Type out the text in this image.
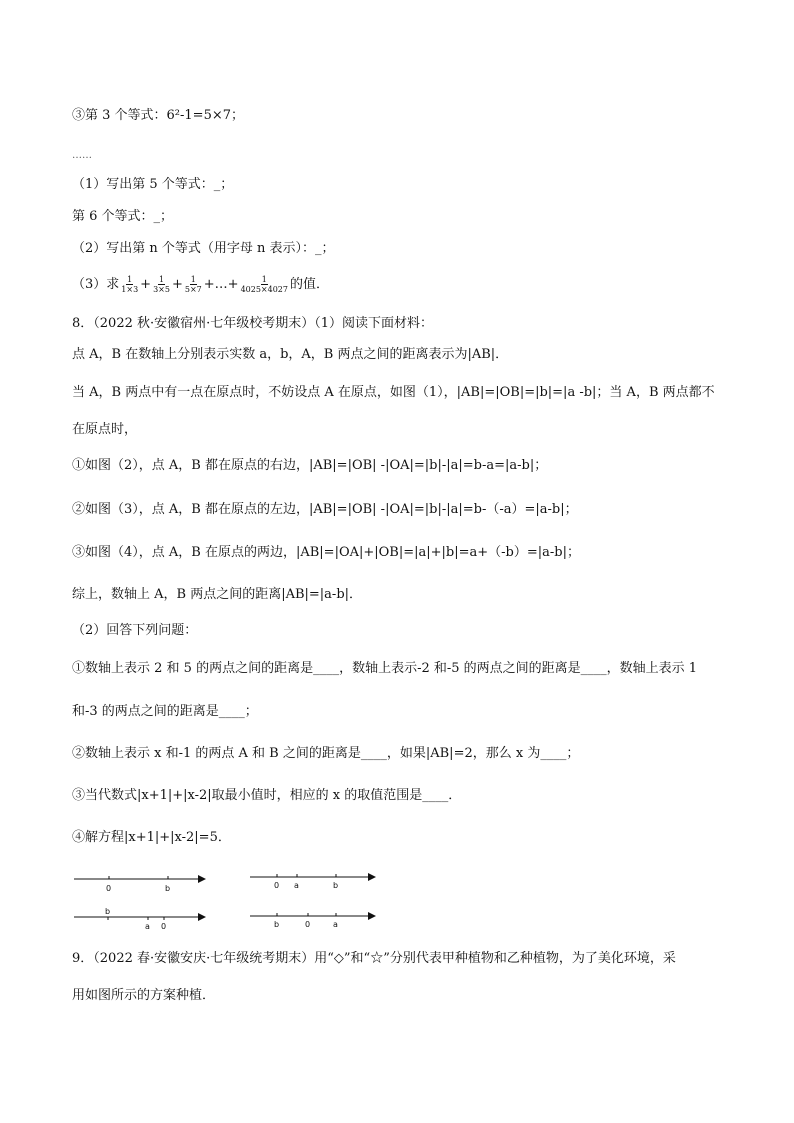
③第 3 个等式：6²-1=5×7；
……
（1）写出第 5 个等式：_；
第 6 个等式：_；
（2）写出第 n 个等式（用字母 n 表示）：_；
（3）求 $\frac{1}{1\times 3} + \frac{1}{3\times 5} + \frac{1}{5\times 7}$ +…+ $\frac{1}{4025\times 4027}$ 的值．
8．（2022 秋·安徽宿州·七年级校考期末）（1）阅读下面材料：
点 A，B 在数轴上分别表示实数 a，b，A，B 两点之间的距离表示为|AB|．
当 A，B 两点中有一点在原点时，不妨设点 A 在原点，如图（1），|AB|=|OB|=|b|=|a -b|；当 A，B 两点都不
在原点时，
①如图（2），点 A，B 都在原点的右边，|AB|=|OB| -|OA|=|b|-|a|=b-a=|a-b|；
②如图（3），点 A，B 都在原点的左边，|AB|=|OB| -|OA|=|b|-|a|=b-（-a）=|a-b|；
③如图（4），点 A，B 在原点的两边，|AB|=|OA|+|OB|=|a|+|b|=a+（-b）=|a-b|；
综上，数轴上 A，B 两点之间的距离|AB|=|a-b|．
（2）回答下列问题：
①数轴上表示 2 和 5 的两点之间的距离是____，数轴上表示-2 和-5 的两点之间的距离是____，数轴上表示 1
和-3 的两点之间的距离是____；
②数轴上表示 x 和-1 的两点 A 和 B 之间的距离是____，如果|AB|=2，那么 x 为____；
③当代数式|x+1|+|x-2|取最小值时，相应的 x 的取值范围是____．
④解方程|x+1|+|x-2|=5．
0	b	0 a	b
b
a 0	b	0	a
9．（2022 春·安徽安庆·七年级统考期末）用“◇”和“☆”分别代表甲种植物和乙种植物，为了美化环境，采
用如图所示的方案种植．
